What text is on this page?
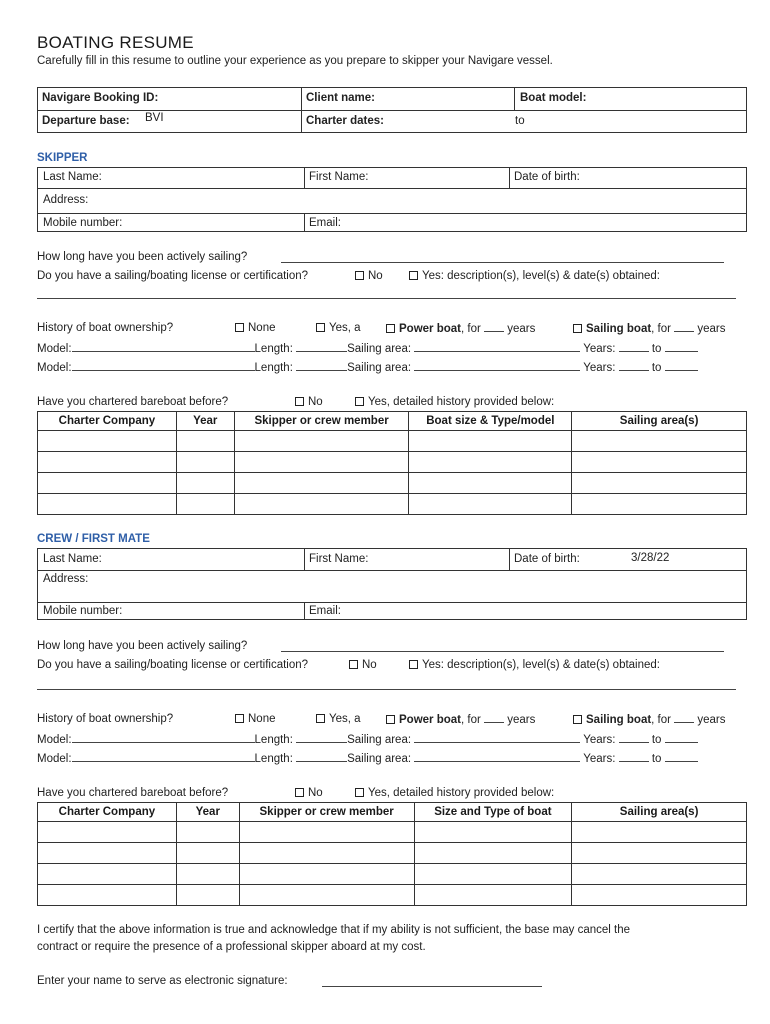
BOATING RESUME
Carefully fill in this resume to outline your experience as you prepare to skipper your Navigare vessel.
Navigare Booking ID:	Client name:	Boat model:
Departure base: BVI	Charter dates:	to
SKIPPER
Last Name:	First Name:	Date of birth:
Address:
Mobile number:	Email:
How long have you been actively sailing?
Do you have a sailing/boating license or certification?	No	Yes: description(s), level(s) & date(s) obtained:
History of boat ownership?	None	Yes, a	Power boat, for years	Sailing boat, for years
Model:	Length:	Sailing area:	Years:	to
Model:	Length:	Sailing area:	Years:	to
Have you chartered bareboat before?	No	Yes, detailed history provided below:
Charter Company	Year	Skipper or crew member	Boat size & Type/model	Sailing area(s)

CREW / FIRST MATE
Last Name:	First Name:	Date of birth:	3/28/22
Address:
Mobile number:	Email:
How long have you been actively sailing?
Do you have a sailing/boating license or certification?	No	Yes: description(s), level(s) & date(s) obtained:
History of boat ownership?	None	Yes, a	Power boat, for years	Sailing boat, for years
Model:	Length:	Sailing area:	Years:	to
Model:	Length:	Sailing area:	Years:	to
Have you chartered bareboat before?	No	Yes, detailed history provided below:
Charter Company	Year	Skipper or crew member	Size and Type of boat	Sailing area(s)

I certify that the above information is true and acknowledge that if my ability is not sufficient, the base may cancel the
contract or require the presence of a professional skipper aboard at my cost.
Enter your name to serve as electronic signature:
